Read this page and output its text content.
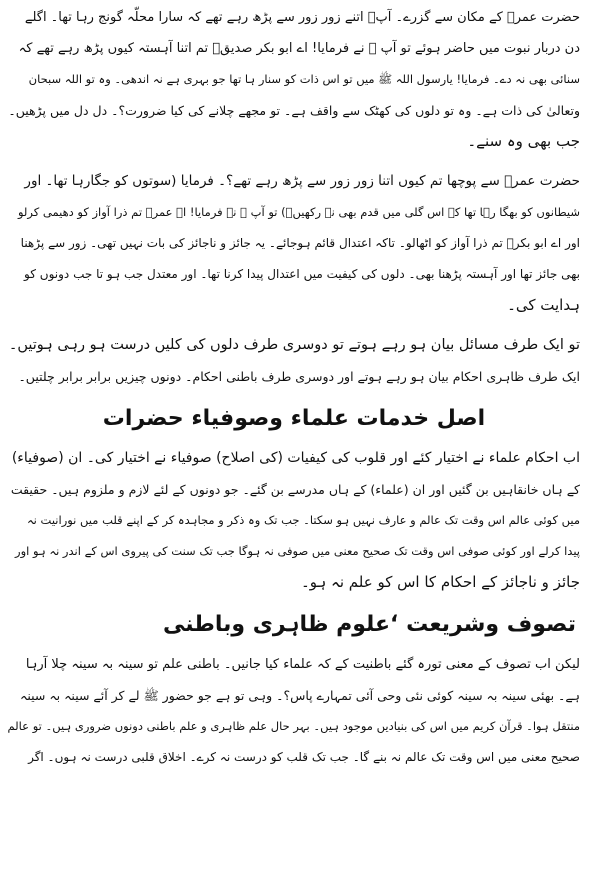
حضرت عمرؓ کے مکان سے گزرے۔ آپؓ اتنے زور زور سے پڑھ رہے تھے کہ سارا محلّہ گونج رہا تھا۔ اگلے

دن دربار نبوت میں حاضر ہوئے تو آپ ﷺ نے فرمایا! اے ابو بکر صدیقؓ تم اتنا آہستہ کیوں پڑھ رہے تھے کہ

سنائی بھی نہ دے۔ فرمایا! یارسول اللہ ﷺ میں تو اس ذات کو سنار ہا تھا جو بہری ہے نہ اندھی۔ وہ تو اللہ سبحان

وتعالیٰ کی ذات ہے۔ وہ تو دلوں کی کھٹک سے واقف ہے۔ تو مجھے چلانے کی کیا ضرورت؟۔ دل دل میں پڑھیں۔

جب بھی وہ سنے۔

حضرت عمرؓ سے پوچھا تم کیوں اتنا زور زور سے پڑھ رہے تھے؟۔ فرمایا (سوتوں کو جگارہا تھا۔ اور

شیطانوں کو بھگا رہا تھا کہ اس گلی میں قدم بھی نہ رکھیں۔) تو آپ ﷺ نے فرمایا! اے عمرؓ تم ذرا آواز کو دھیمی کرلو

اور اے ابو بکرؓ تم ذرا آواز کو اٹھالو۔ تاکہ اعتدال قائم ہوجائے۔ یہ جائز و ناجائز کی بات نہیں تھی۔ زور سے پڑھنا

بھی جائز تھا اور آہستہ پڑھنا بھی۔ دلوں کی کیفیت میں اعتدال پیدا کرنا تھا۔ اور معتدل جب ہو تا جب دونوں کو

ہدایت کی۔

تو ایک طرف مسائل بیان ہو رہے ہوتے تو دوسری طرف دلوں کی کلیں درست ہو رہی ہوتیں۔

ایک طرف ظاہری احکام بیان ہو رہے ہوتے اور دوسری طرف باطنی احکام۔ دونوں چیزیں برابر برابر چلتیں۔

اصل خدمات علماء وصوفیاء حضرات

اب احکام علماء نے اختیار کئے اور قلوب کی کیفیات (کی اصلاح) صوفیاء نے اختیار کی۔ ان (صوفیاء)

کے ہاں خانقاہیں بن گئیں اور ان (علماء) کے ہاں مدرسے بن گئے۔ جو دونوں کے لئے لازم و ملزوم ہیں۔ حقیقت

میں کوئی عالم اس وقت تک عالم و عارف نہیں ہو سکتا۔ جب تک وہ ذکر و مجاہدہ کر کے اپنے قلب میں نورانیت نہ

پیدا کرلے اور کوئی صوفی اس وقت تک صحیح معنی میں صوفی نہ ہوگا جب تک سنت کی پیروی اس کے اندر نہ ہو اور

جائز و ناجائز کے احکام کا اس کو علم نہ ہو۔

تصوف وشریعت ‘علوم ظاہری وباطنی

لیکن اب تصوف کے معنی تورہ گئے باطنیت کے کہ علماء کیا جانیں۔ باطنی علم تو سینہ بہ سینہ چلا آرہا

ہے۔ بھئی سینہ بہ سینہ کوئی نئی وحی آئی تمہارے پاس؟۔ وہی تو ہے جو حضور ﷺ لے کر آئے سینہ بہ سینہ

منتقل ہوا۔ قرآن کریم میں اس کی بنیادیں موجود ہیں۔ بہر حال علم ظاہری و علم باطنی دونوں ضروری ہیں۔ تو عالم

صحیح معنی میں اس وقت تک عالم نہ بنے گا۔ جب تک قلب کو درست نہ کرے۔ اخلاق قلبی درست نہ ہوں۔ اگر
